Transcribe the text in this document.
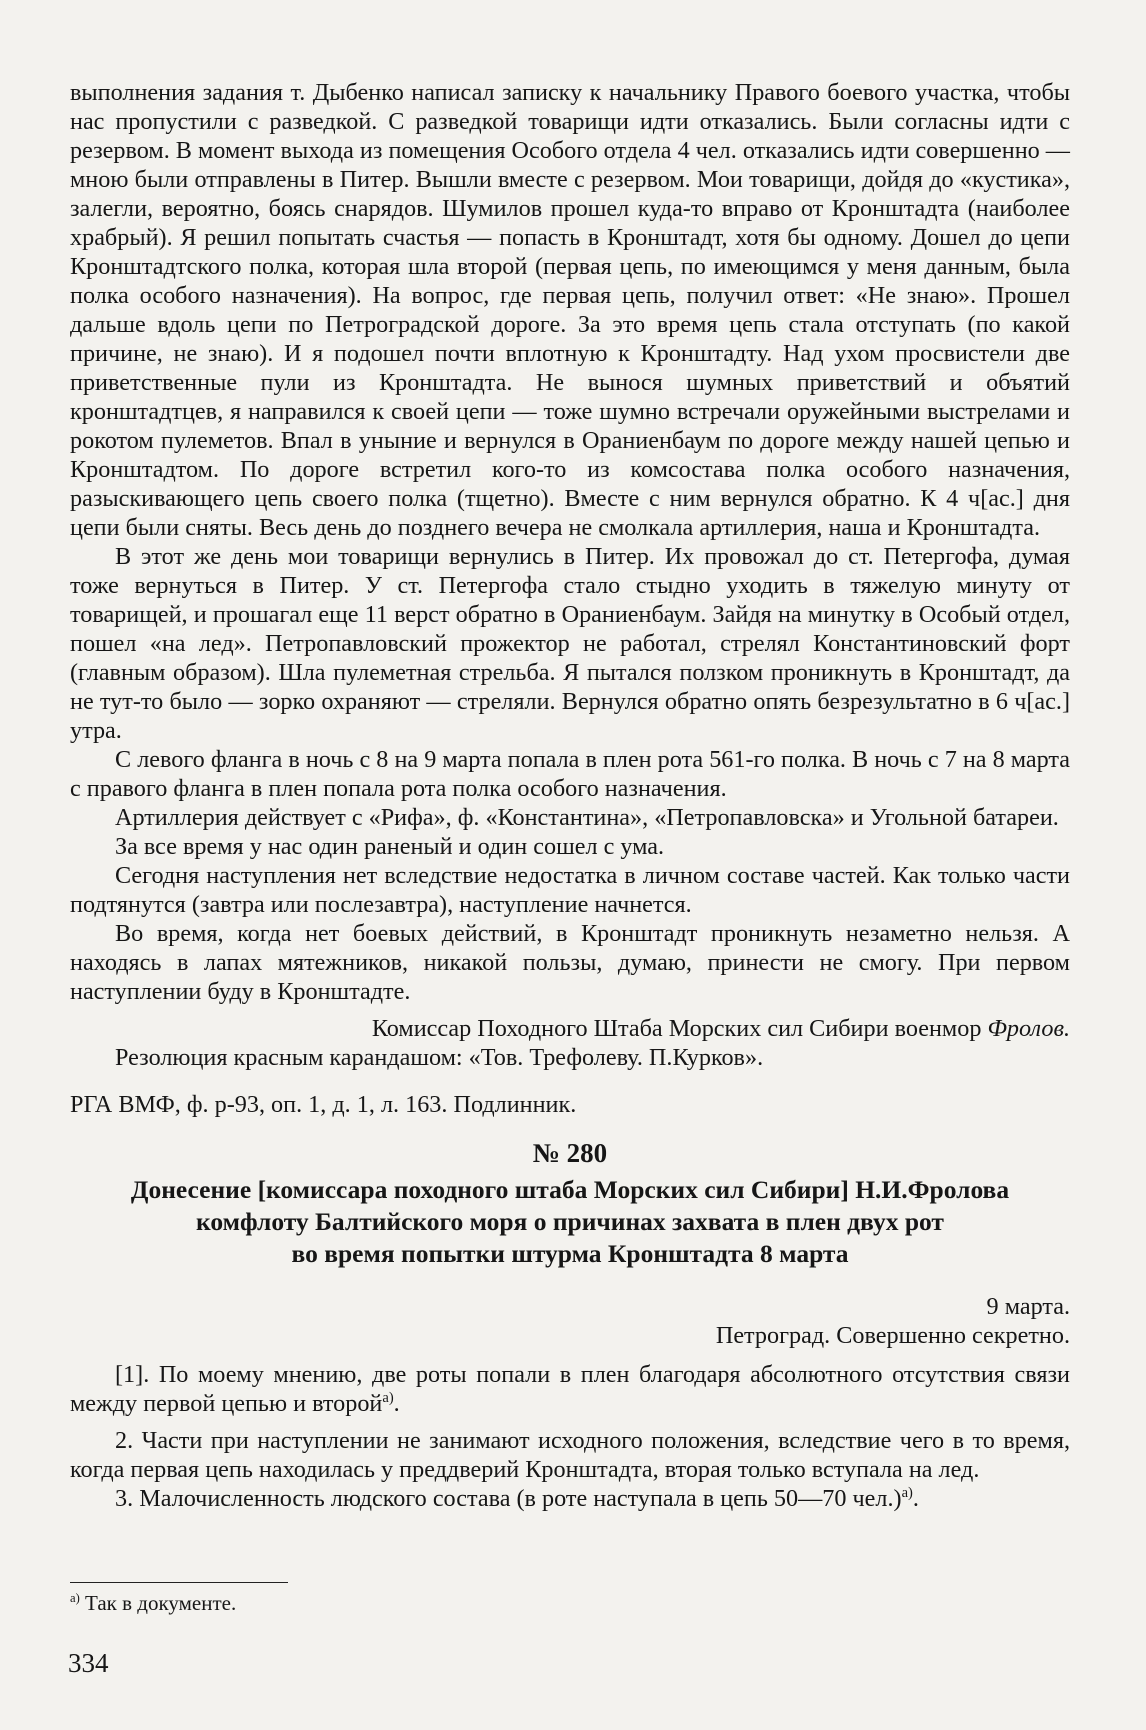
выполнения задания т. Дыбенко написал записку к начальнику Правого боевого участка, чтобы нас пропустили с разведкой. С разведкой товарищи идти отказались. Были согласны идти с резервом. В момент выхода из помещения Особого отдела 4 чел. отказались идти совершенно — мною были отправлены в Питер. Вышли вместе с резервом. Мои товарищи, дойдя до «кустика», залегли, вероятно, боясь снарядов. Шумилов прошел куда-то вправо от Кронштадта (наиболее храбрый). Я решил попытать счастья — попасть в Кронштадт, хотя бы одному. Дошел до цепи Кронштадтского полка, которая шла второй (первая цепь, по имеющимся у меня данным, была полка особого назначения). На вопрос, где первая цепь, получил ответ: «Не знаю». Прошел дальше вдоль цепи по Петроградской дороге. За это время цепь стала отступать (по какой причине, не знаю). И я подошел почти вплотную к Кронштадту. Над ухом просвистели две приветственные пули из Кронштадта. Не вынося шумных приветствий и объятий кронштадтцев, я направился к своей цепи — тоже шумно встречали оружейными выстрелами и рокотом пулеметов. Впал в уныние и вернулся в Ораниенбаум по дороге между нашей цепью и Кронштадтом. По дороге встретил кого-то из комсостава полка особого назначения, разыскивающего цепь своего полка (тщетно). Вместе с ним вернулся обратно. К 4 ч[ас.] дня цепи были сняты. Весь день до позднего вечера не смолкала артиллерия, наша и Кронштадта.

В этот же день мои товарищи вернулись в Питер. Их провожал до ст. Петергофа, думая тоже вернуться в Питер. У ст. Петергофа стало стыдно уходить в тяжелую минуту от товарищей, и прошагал еще 11 верст обратно в Ораниенбаум. Зайдя на минутку в Особый отдел, пошел «на лед». Петропавловский прожектор не работал, стрелял Константиновский форт (главным образом). Шла пулеметная стрельба. Я пытался ползком проникнуть в Кронштадт, да не тут-то было — зорко охраняют — стреляли. Вернулся обратно опять безрезультатно в 6 ч[ас.] утра.

С левого фланга в ночь с 8 на 9 марта попала в плен рота 561-го полка. В ночь с 7 на 8 марта с правого фланга в плен попала рота полка особого назначения.

Артиллерия действует с «Рифа», ф. «Константина», «Петропавловска» и Угольной батареи.

За все время у нас один раненый и один сошел с ума.

Сегодня наступления нет вследствие недостатка в личном составе частей. Как только части подтянутся (завтра или послезавтра), наступление начнется.

Во время, когда нет боевых действий, в Кронштадт проникнуть незаметно нельзя. А находясь в лапах мятежников, никакой пользы, думаю, принести не смогу. При первом наступлении буду в Кронштадте.

Комиссар Походного Штаба Морских сил Сибири военмор Фролов.

Резолюция красным карандашом: «Тов. Трефолеву. П.Курков».

РГА ВМФ, ф. р-93, оп. 1, д. 1, л. 163. Подлинник.

№ 280

Донесение [комиссара походного штаба Морских сил Сибири] Н.И.Фролова
комфлоту Балтийского моря о причинах захвата в плен двух рот
во время попытки штурма Кронштадта 8 марта

9 марта.

Петроград. Совершенно секретно.

[1]. По моему мнению, две роты попали в плен благодаря абсолютного отсутствия связи между первой цепью и второй$^{а)}$.

2. Части при наступлении не занимают исходного положения, вследствие чего в то время, когда первая цепь находилась у преддверий Кронштадта, вторая только вступала на лед.

3. Малочисленность людского состава (в роте наступала в цепь 50—70 чел.)$^{а)}$.

$^{а)}$ Так в документе.
334
